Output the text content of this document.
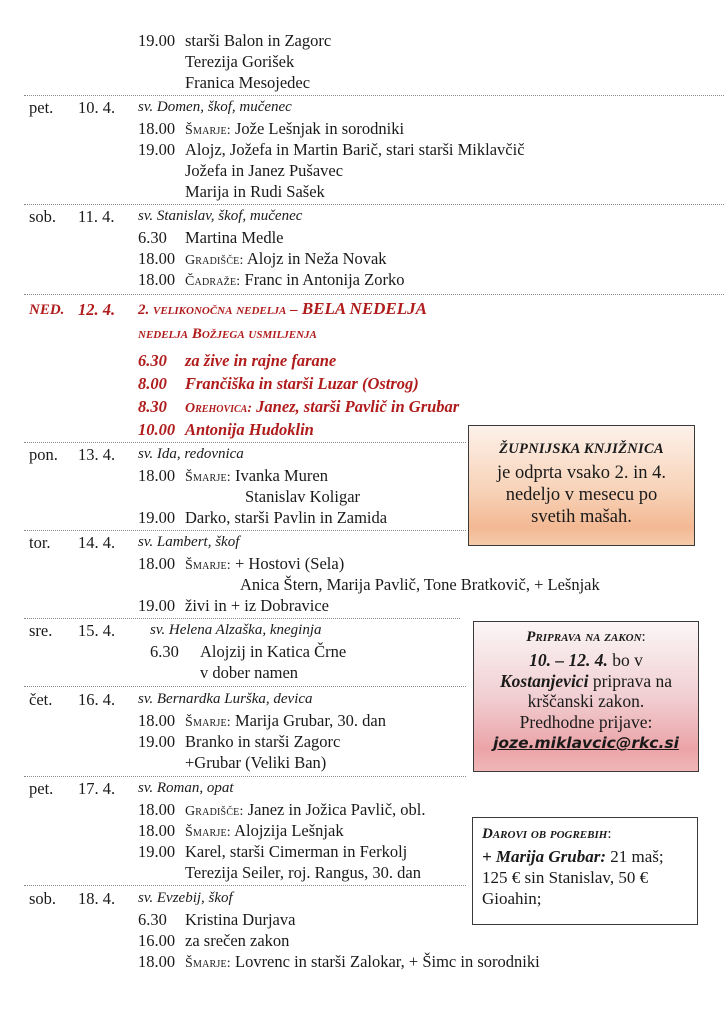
19.00 starši Balon in Zagorc
Terezija Gorišek
Franica Mesojedec
pet. 10. 4. sv. Domen, škof, mučenec
18.00 Šmarje: Jože Lešnjak in sorodniki
19.00 Alojz, Jožefa in Martin Barič, stari starši Miklavčič
Jožefa in Janez Pušavec
Marija in Rudi Sašek
sob. 11. 4. sv. Stanislav, škof, mučenec
6.30 Martina Medle
18.00 Gradišče: Alojz in Neža Novak
18.00 Čadraže: Franc in Antonija Zorko
NED. 12. 4. 2. velikonočna nedelja – BELA NEDELJA
nedelja Božjega usmiljenja
6.30 za žive in rajne farane
8.00 Frančiška in starši Luzar (Ostrog)
8.30 Orehovica: Janez, starši Pavlič in Grubar
10.00 Antonija Hudoklin
pon. 13. 4. sv. Ida, redovnica
18.00 Šmarje: Ivanka Muren
Stanislav Koligar
19.00 Darko, starši Pavlin in Zamida
tor. 14. 4. sv. Lambert, škof
18.00 Šmarje: + Hostovi (Sela)
Anica Štern, Marija Pavlič, Tone Bratkovič, + Lešnjak
19.00 živi in + iz Dobravice
sre. 15. 4. sv. Helena Alzaška, kneginja
6.30 Alojzij in Katica Črne
v dober namen
čet. 16. 4. sv. Bernardka Lurška, devica
18.00 Šmarje: Marija Grubar, 30. dan
19.00 Branko in starši Zagorc
+Grubar (Veliki Ban)
pet. 17. 4. sv. Roman, opat
18.00 Gradišče: Janez in Jožica Pavlič, obl.
18.00 Šmarje: Alojzija Lešnjak
19.00 Karel, starši Cimerman in Ferkolj
Terezija Seiler, roj. Rangus, 30. dan
sob. 18. 4. sv. Evzebij, škof
6.30 Kristina Durjava
16.00 za srečen zakon
18.00 Šmarje: Lovrenc in starši Zalokar, + Šimc in sorodniki
ŽUPNIJSKA KNJIŽNICA
je odprta vsako 2. in 4.
nedeljo v mesecu po
svetih mašah.
Priprava na zakon:
10. – 12. 4. bo v
Kostanjevici priprava na
krščanski zakon.
Predhodne prijave:
joze.miklavcic@rkc.si
Darovi ob pogrebih:
+ Marija Grubar: 21 maš;
125 € sin Stanislav, 50 €
Gioahin;
